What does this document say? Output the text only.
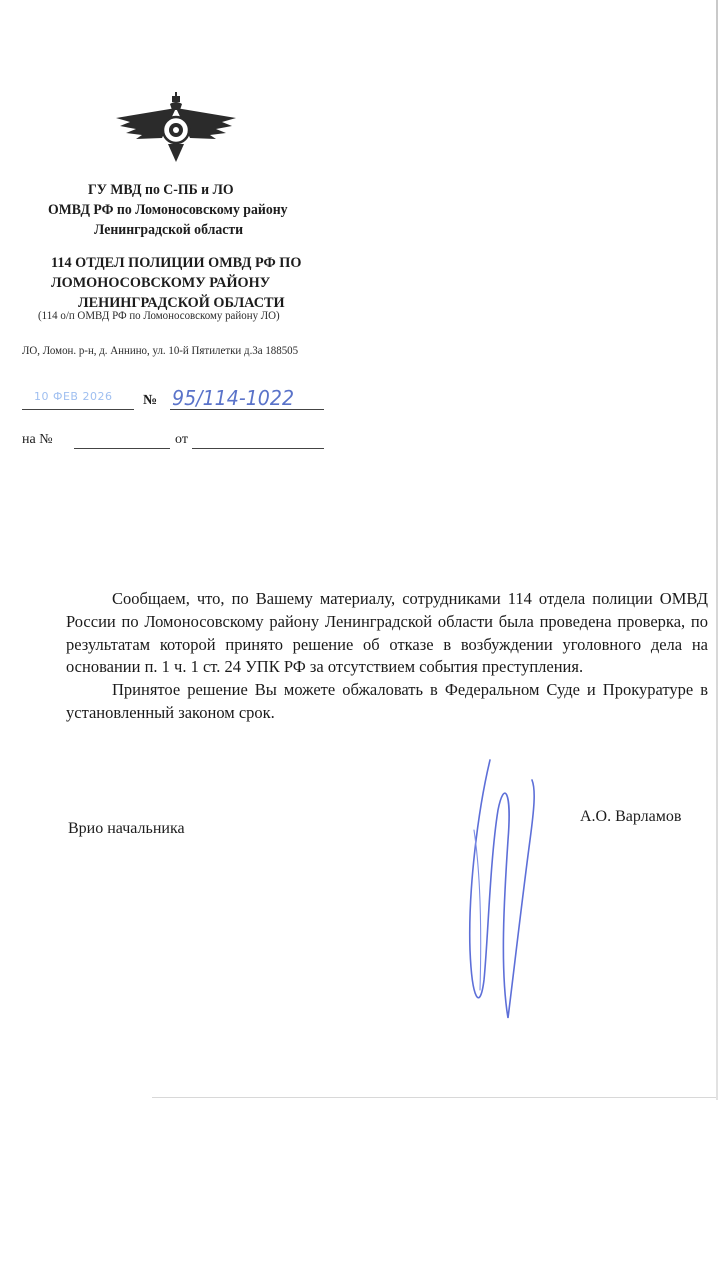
ГУ МВД по С-ПБ и ЛО
ОМВД РФ по Ломоносовскому району
Ленинградской области
114 ОТДЕЛ ПОЛИЦИИ ОМВД РФ ПО
ЛОМОНОСОВСКОМУ РАЙОНУ
ЛЕНИНГРАДСКОЙ ОБЛАСТИ
(114 о/п ОМВД РФ по Ломоносовскому району ЛО)
ЛО, Ломон. р-н, д. Аннино, ул. 10-й Пятилетки д.3а 188505
10 ФЕВ 2026 № 95/114-1022
на №	от

Сообщаем, что, по Вашему материалу, сотрудниками 114 отдела полиции ОМВД России по Ломоносовскому району Ленинградской области была проведена проверка, по результатам которой принято решение об отказе в возбуждении уголовного дела на основании п. 1 ч. 1 ст. 24 УПК РФ за отсутствием события преступления.

Принятое решение Вы можете обжаловать в Федеральном Суде и Прокуратуре в установленный законом срок.

Врио начальника
А.О. Варламов
